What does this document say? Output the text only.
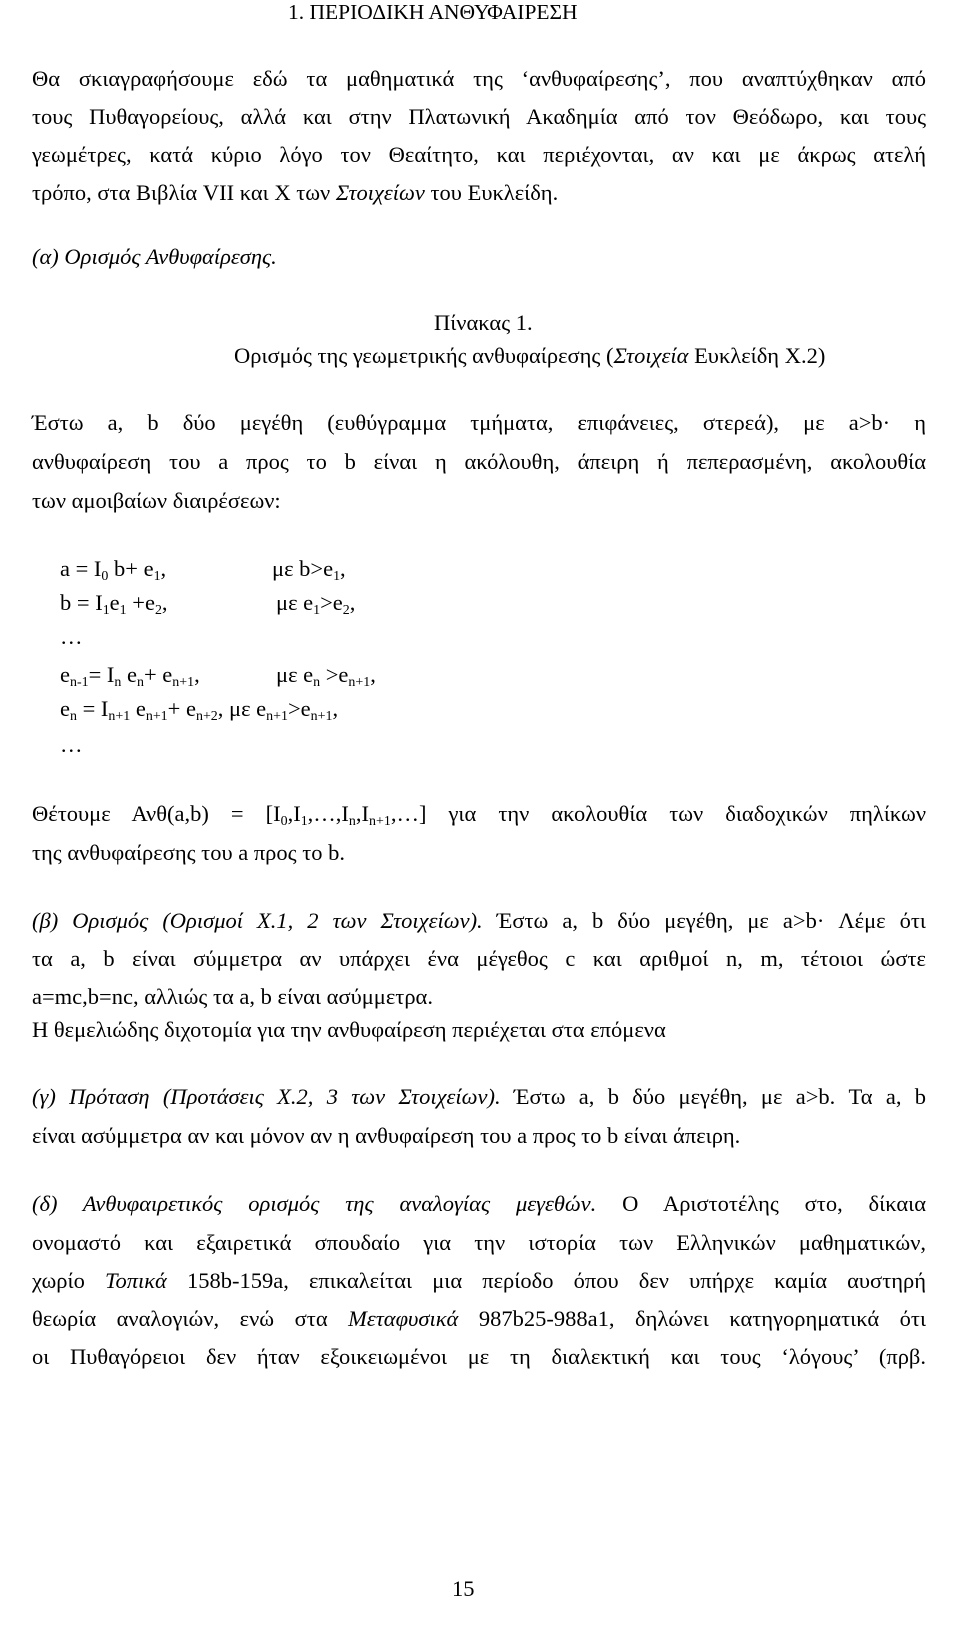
1. ΠΕΡΙΟΔΙΚΗ ΑΝΘΥΦΑΙΡΕΣΗ
Θα σκιαγραφήσουμε εδώ τα μαθηματικά της ‘ανθυφαίρεσης’, που αναπτύχθηκαν από
τους Πυθαγορείους, αλλά και στην Πλατωνική Ακαδημία από τον Θεόδωρο, και τους
γεωμέτρες, κατά κύριο λόγο τον Θεαίτητο, και περιέχονται, αν και με άκρως ατελή
τρόπο, στα Βιβλία VII και X των Στοιχείων του Ευκλείδη.
(α) Ορισμός Ανθυφαίρεσης.
Πίνακας 1.
Ορισμός της γεωμετρικής ανθυφαίρεσης (Στοιχεία Ευκλείδη X.2)
Έστω a, b δύο μεγέθη (ευθύγραμμα τμήματα, επιφάνειες, στερεά), με a>b· η
ανθυφαίρεση του a προς το b είναι η ακόλουθη, άπειρη ή πεπερασμένη, ακολουθία
των αμοιβαίων διαιρέσεων:
$a = I_0$ $b+ e_1$,	με $b>e_1$,
$b = I_1e_1 +e_2$,	με $e_1>e_2$,
…
$e_{n-1}= I_n$ $e_n+ e_{n+1}$,	με $e_n >e_{n+1}$,
$e_n = I_{n+1}$ $e_{n+1}+ e_{n+2}$, με $e_{n+1}>e_{n+1}$,
…
Θέτουμε $A\nu\theta(a,b) = [I_0,I_1,\dots,I_n,I_{n+1},\dots]$ για την ακολουθία των διαδοχικών πηλίκων
της ανθυφαίρεσης του a προς το b.
(β) Ορισμός (Ορισμοί X.1, 2 των Στοιχείων). Έστω a, b δύο μεγέθη, με a>b· Λέμε ότι
τα a, b είναι σύμμετρα αν υπάρχει ένα μέγεθος c και αριθμοί n, m, τέτοιοι ώστε
a=mc,b=nc, αλλιώς τα a, b είναι ασύμμετρα.
Η θεμελιώδης διχοτομία για την ανθυφαίρεση περιέχεται στα επόμενα
(γ) Πρόταση (Προτάσεις X.2, 3 των Στοιχείων). Έστω a, b δύο μεγέθη, με a>b. Τα a, b
είναι ασύμμετρα αν και μόνον αν η ανθυφαίρεση του a προς το b είναι άπειρη.
(δ) Ανθυφαιρετικός ορισμός της αναλογίας μεγεθών. Ο Αριστοτέλης στο, δίκαια
ονομαστό και εξαιρετικά σπουδαίο για την ιστορία των Ελληνικών μαθηματικών,
χωρίο Τοπικά 158b-159a, επικαλείται μια περίοδο όπου δεν υπήρχε καμία αυστηρή
θεωρία αναλογιών, ενώ στα Μεταφυσικά 987b25-988a1, δηλώνει κατηγορηματικά ότι
οι Πυθαγόρειοι δεν ήταν εξοικειωμένοι με τη διαλεκτική και τους ‘λόγους’ (πρβ.
15
